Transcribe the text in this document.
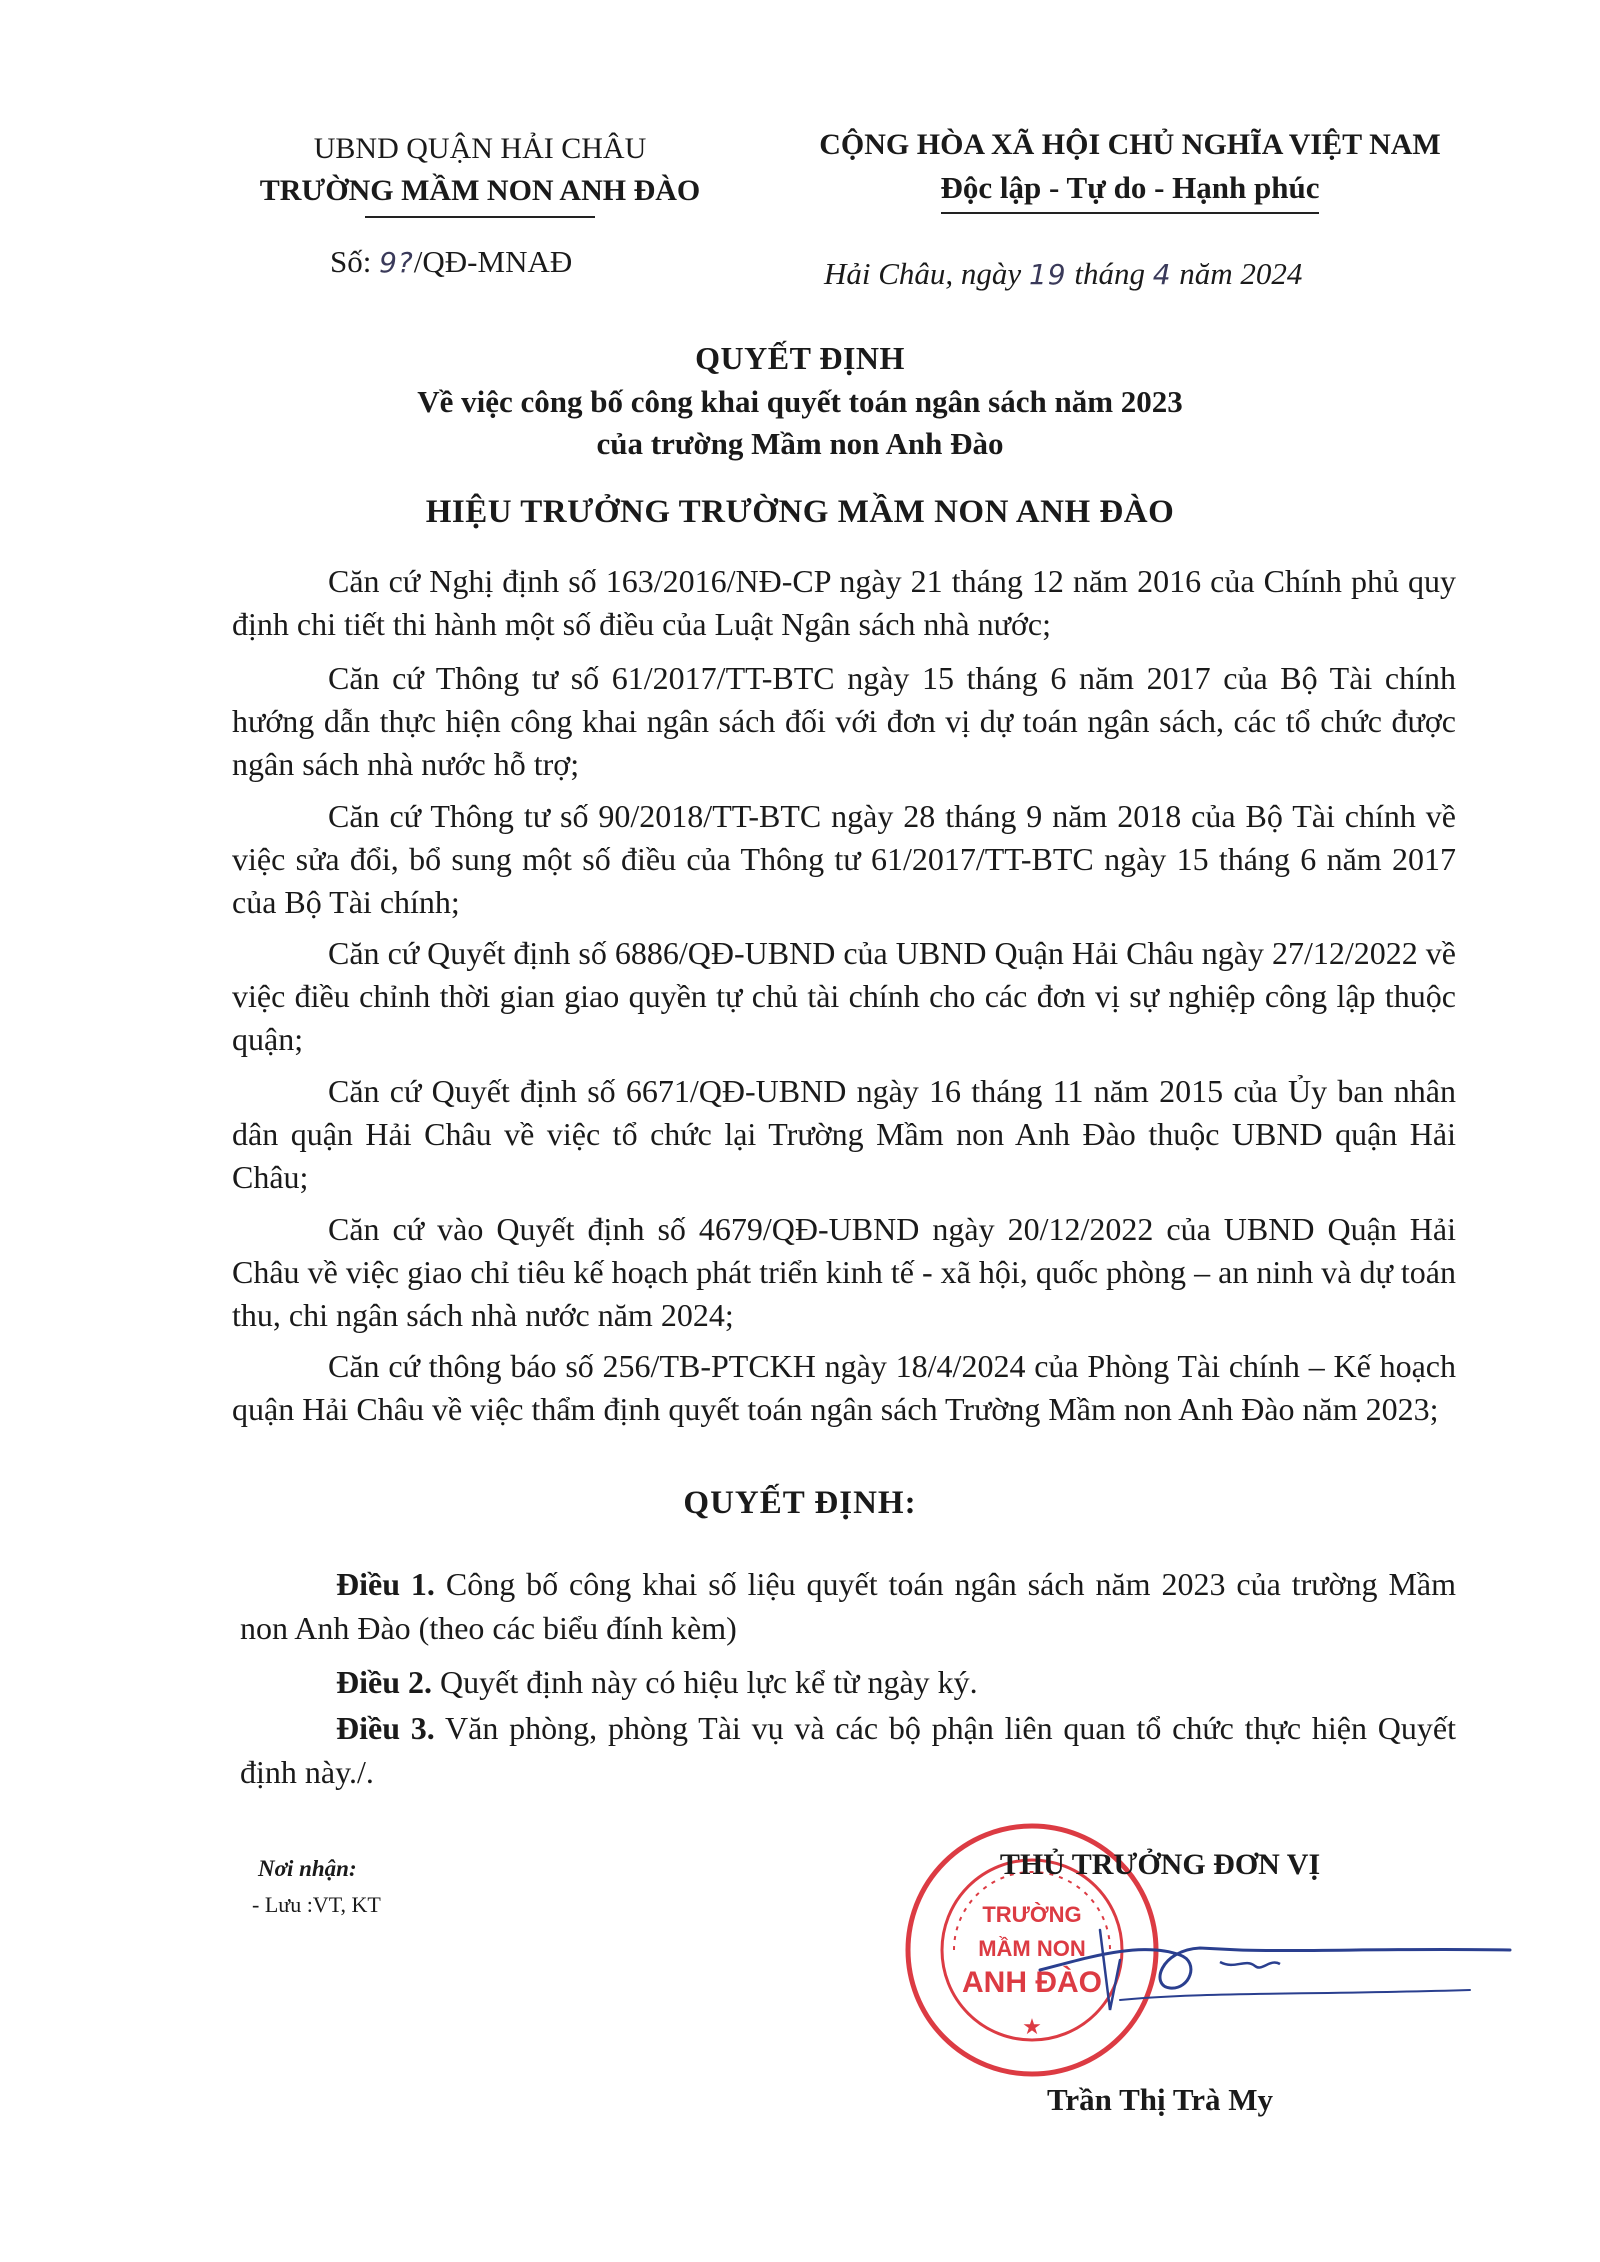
UBND QUẬN HẢI CHÂU
TRƯỜNG MẦM NON ANH ĐÀO
CỘNG HÒA XÃ HỘI CHỦ NGHĨA VIỆT NAM
Độc lập - Tự do - Hạnh phúc
Số: 9?/QĐ-MNAĐ	Hải Châu, ngày 19 tháng 4 năm 2024
QUYẾT ĐỊNH
Về việc công bố công khai quyết toán ngân sách năm 2023
của trường Mầm non Anh Đào
HIỆU TRƯỞNG TRƯỜNG MẦM NON ANH ĐÀO
Căn cứ Nghị định số 163/2016/NĐ-CP ngày 21 tháng 12 năm 2016 của Chính phủ quy định chi tiết thi hành một số điều của Luật Ngân sách nhà nước;
Căn cứ Thông tư số 61/2017/TT-BTC ngày 15 tháng 6 năm 2017 của Bộ Tài chính hướng dẫn thực hiện công khai ngân sách đối với đơn vị dự toán ngân sách, các tổ chức được ngân sách nhà nước hỗ trợ;
Căn cứ Thông tư số 90/2018/TT-BTC ngày 28 tháng 9 năm 2018 của Bộ Tài chính về việc sửa đổi, bổ sung một số điều của Thông tư 61/2017/TT-BTC ngày 15 tháng 6 năm 2017 của Bộ Tài chính;
Căn cứ Quyết định số 6886/QĐ-UBND của UBND Quận Hải Châu ngày 27/12/2022 về việc điều chỉnh thời gian giao quyền tự chủ tài chính cho các đơn vị sự nghiệp công lập thuộc quận;
Căn cứ Quyết định số 6671/QĐ-UBND ngày 16 tháng 11 năm 2015 của Ủy ban nhân dân quận Hải Châu về việc tổ chức lại Trường Mầm non Anh Đào thuộc UBND quận Hải Châu;
Căn cứ vào Quyết định số 4679/QĐ-UBND ngày 20/12/2022 của UBND Quận Hải Châu về việc giao chỉ tiêu kế hoạch phát triển kinh tế - xã hội, quốc phòng – an ninh và dự toán thu, chi ngân sách nhà nước năm 2024;
Căn cứ thông báo số 256/TB-PTCKH ngày 18/4/2024 của Phòng Tài chính – Kế hoạch quận Hải Châu về việc thẩm định quyết toán ngân sách Trường Mầm non Anh Đào năm 2023;
QUYẾT ĐỊNH:
Điều 1. Công bố công khai số liệu quyết toán ngân sách năm 2023 của trường Mầm non Anh Đào (theo các biểu đính kèm)
Điều 2. Quyết định này có hiệu lực kể từ ngày ký.
Điều 3. Văn phòng, phòng Tài vụ và các bộ phận liên quan tổ chức thực hiện Quyết định này./.
Nơi nhận:
- Lưu :VT, KT	TRƯỜNG
MẦM NON
ANH ĐÀO
★
THỦ TRƯỞNG ĐƠN VỊ
Trần Thị Trà My
